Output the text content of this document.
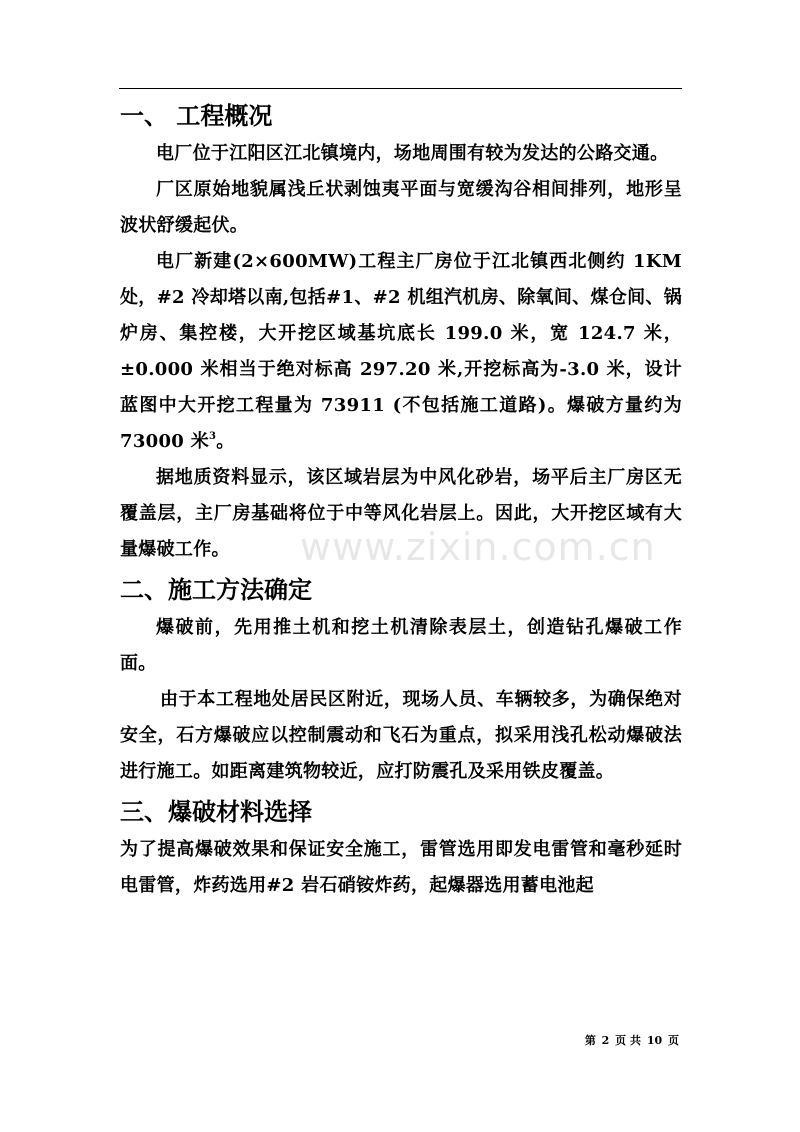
www.zixin.com.cn
一、 工程概况

电厂位于江阳区江北镇境内，场地周围有较为发达的公路交通。

厂区原始地貌属浅丘状剥蚀夷平面与宽缓沟谷相间排列，地形呈波状舒缓起伏。

电厂新建(2×600MW)工程主厂房位于江北镇西北侧约 1KM 处，#2 冷却塔以南,包括#1、#2 机组汽机房、除氧间、煤仓间、锅炉房、集控楼，大开挖区域基坑底长 199.0 米，宽 124.7 米，±0.000 米相当于绝对标高 297.20 米,开挖标高为-3.0 米，设计蓝图中大开挖工程量为 73911 (不包括施工道路)。爆破方量约为 73000 米$^3$。

据地质资料显示，该区域岩层为中风化砂岩，场平后主厂房区无覆盖层，主厂房基础将位于中等风化岩层上。因此，大开挖区域有大量爆破工作。

二、施工方法确定

爆破前，先用推土机和挖土机清除表层土，创造钻孔爆破工作面。

由于本工程地处居民区附近，现场人员、车辆较多，为确保绝对安全，石方爆破应以控制震动和飞石为重点，拟采用浅孔松动爆破法进行施工。如距离建筑物较近，应打防震孔及采用铁皮覆盖。

三、爆破材料选择

为了提高爆破效果和保证安全施工，雷管选用即发电雷管和毫秒延时电雷管，炸药选用#2 岩石硝铵炸药，起爆器选用蓄电池起

第 2 页 共 10 页
